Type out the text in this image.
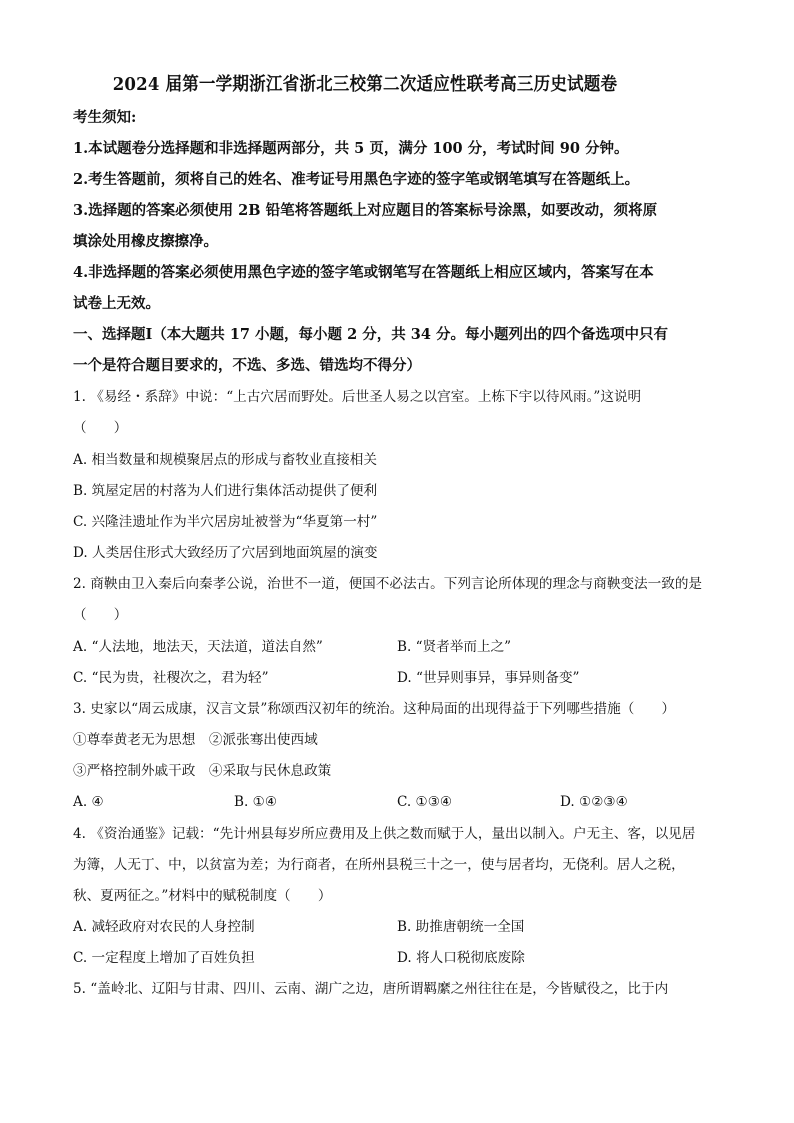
2024 届第一学期浙江省浙北三校第二次适应性联考高三历史试题卷
考生须知:
1.本试题卷分选择题和非选择题两部分，共 5 页，满分 100 分，考试时间 90 分钟。
2.考生答题前，须将自己的姓名、准考证号用黑色字迹的签字笔或钢笔填写在答题纸上。
3.选择题的答案必须使用 2B 铅笔将答题纸上对应题目的答案标号涂黑，如要改动，须将原
填涂处用橡皮擦擦净。
4.非选择题的答案必须使用黑色字迹的签字笔或钢笔写在答题纸上相应区域内，答案写在本
试卷上无效。
一、选择题Ⅰ（本大题共 17 小题，每小题 2 分，共 34 分。每小题列出的四个备选项中只有
一个是符合题目要求的，不选、多选、错选均不得分）
1. 《易经・系辞》中说：“上古穴居而野处。后世圣人易之以宫室。上栋下宇以待风雨。”这说明
（　　）
A. 相当数量和规模聚居点的形成与畜牧业直接相关
B. 筑屋定居的村落为人们进行集体活动提供了便利
C. 兴隆洼遗址作为半穴居房址被誉为“华夏第一村”
D. 人类居住形式大致经历了穴居到地面筑屋的演变
2. 商鞅由卫入秦后向秦孝公说，治世不一道，便国不必法古。下列言论所体现的理念与商鞅变法一致的是
（　　）
A. “人法地，地法天，天法道，道法自然”	B. “贤者举而上之”
C. “民为贵，社稷次之，君为轻”	D. “世异则事异，事异则备变”
3. 史家以“周云成康，汉言文景”称颂西汉初年的统治。这种局面的出现得益于下列哪些措施（　　）
①尊奉黄老无为思想　②派张骞出使西域
③严格控制外戚干政　④采取与民休息政策
A. ④	B. ①④	C. ①③④	D. ①②③④
4. 《资治通鉴》记载：“先计州县每岁所应费用及上供之数而赋于人，量出以制入。户无主、客，以见居
为簿，人无丁、中，以贫富为差；为行商者，在所州县税三十之一，使与居者均，无侥利。居人之税，
秋、夏两征之。”材料中的赋税制度（　　）
A. 减轻政府对农民的人身控制	B. 助推唐朝统一全国
C. 一定程度上增加了百姓负担	D. 将人口税彻底废除
5. “盖岭北、辽阳与甘肃、四川、云南、湖广之边，唐所谓羁縻之州往往在是，今皆赋役之，比于内
